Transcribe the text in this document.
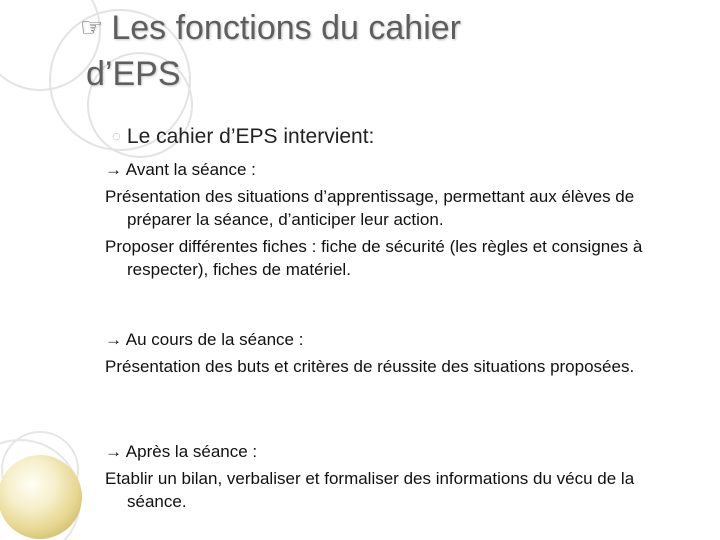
☞ Les fonctions du cahier
d’EPS
◌ Le cahier d’EPS intervient:
→ Avant la séance :
Présentation des situations d’apprentissage, permettant aux élèves de préparer la séance, d’anticiper leur action.
Proposer différentes fiches : fiche de sécurité (les règles et consignes à respecter), fiches de matériel.
→ Au cours de la séance :
Présentation des buts et critères de réussite des situations proposées.
→ Après la séance :
Etablir un bilan, verbaliser et formaliser des informations du vécu de la séance.
